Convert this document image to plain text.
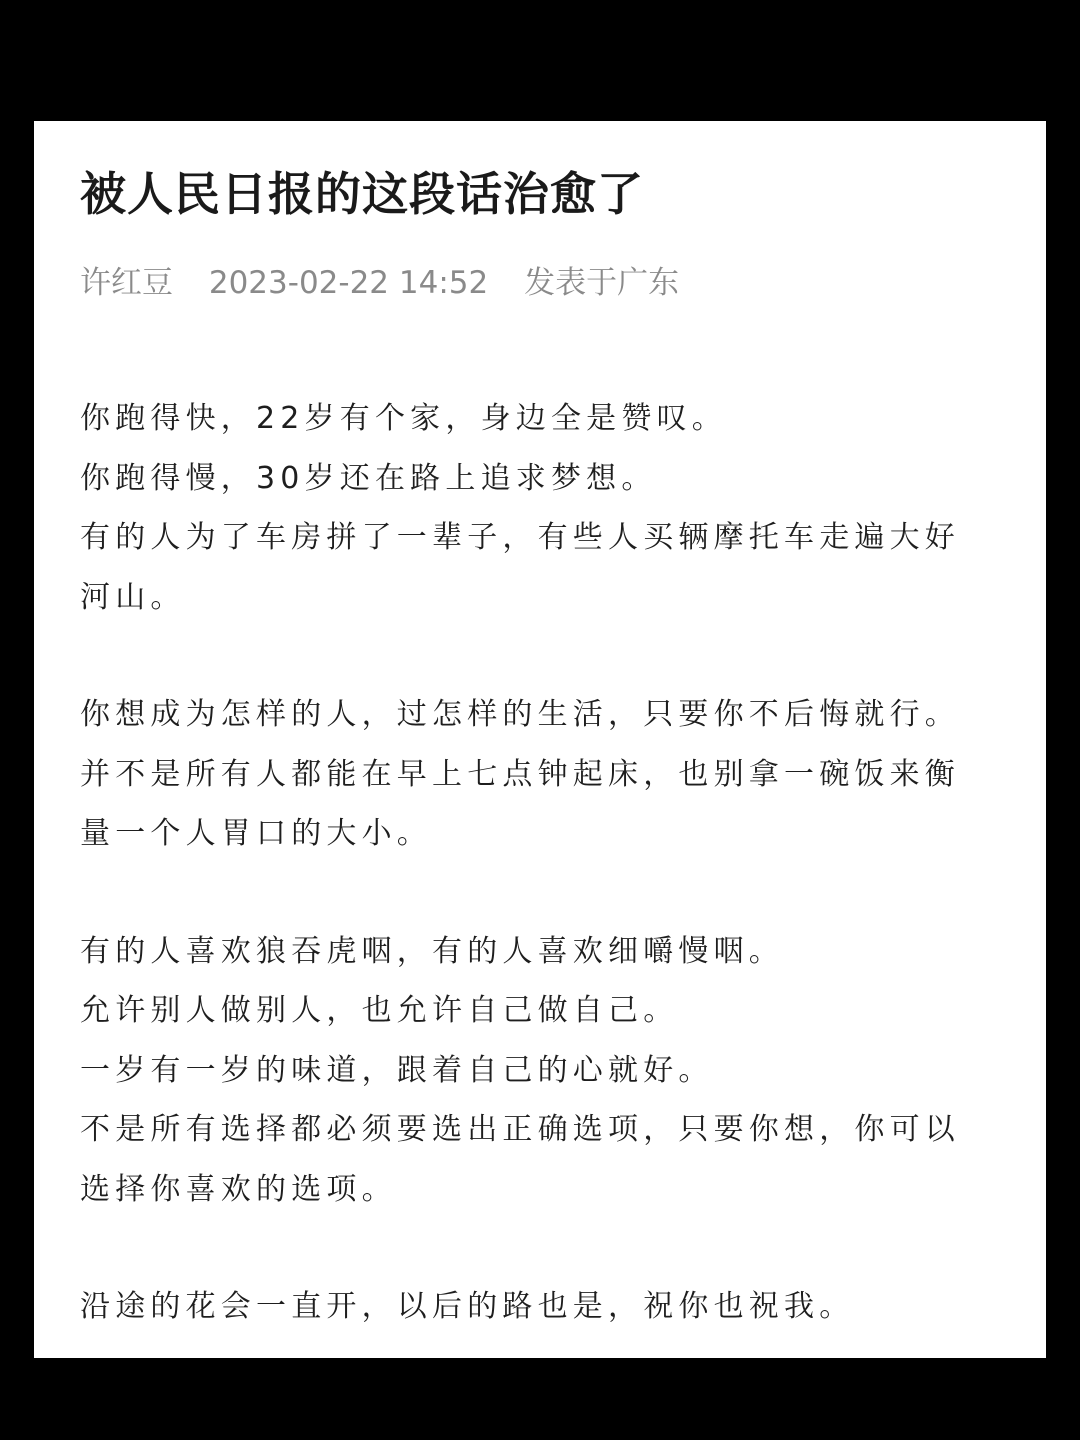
被人民日报的这段话治愈了
许红豆 2023-02-22 14:52 发表于广东

你跑得快，22岁有个家，身边全是赞叹。
你跑得慢，30岁还在路上追求梦想。
有的人为了车房拼了一辈子，有些人买辆摩托车走遍大好
河山。

你想成为怎样的人，过怎样的生活，只要你不后悔就行。
并不是所有人都能在早上七点钟起床，也别拿一碗饭来衡
量一个人胃口的大小。

有的人喜欢狼吞虎咽，有的人喜欢细嚼慢咽。
允许别人做别人，也允许自己做自己。
一岁有一岁的味道，跟着自己的心就好。
不是所有选择都必须要选出正确选项，只要你想，你可以
选择你喜欢的选项。

沿途的花会一直开，以后的路也是，祝你也祝我。
